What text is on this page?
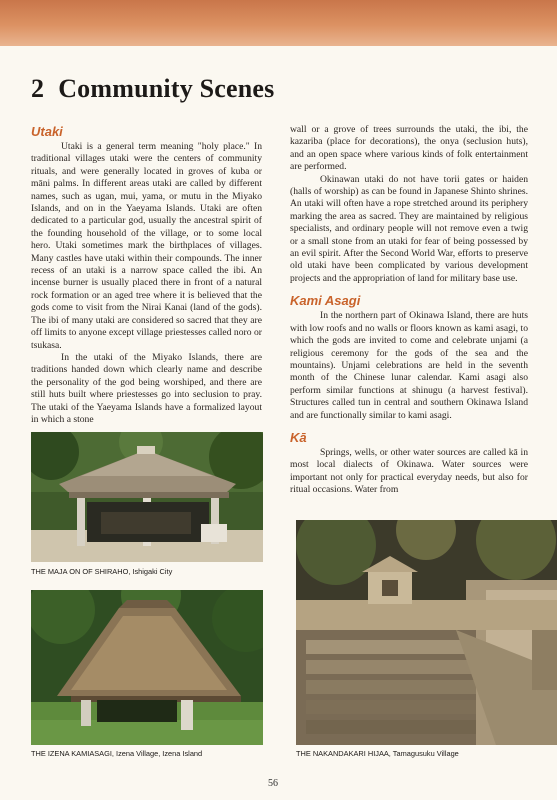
2 Community Scenes
Utaki

Utaki is a general term meaning "holy place." In traditional villages utaki were the centers of community rituals, and were generally located in groves of kuba or māni palms. In different areas utaki are called by different names, such as ugan, mui, yama, or mutu in the Miyako Islands, and on in the Yaeyama Islands. Utaki are often dedicated to a particular god, usually the ancestral spirit of the founding household of the village, or to some local hero. Utaki sometimes mark the birthplaces of villages. Many castles have utaki within their compounds. The inner recess of an utaki is a narrow space called the ibi. An incense burner is usually placed there in front of a natural rock formation or an aged tree where it is believed that the gods come to visit from the Nirai Kanai (land of the gods). The ibi of many utaki are considered so sacred that they are off limits to anyone except village priestesses called noro or tsukasa.

In the utaki of the Miyako Islands, there are traditions handed down which clearly name and describe the personality of the god being worshiped, and there are still huts built where priestesses go into seclusion to pray. The utaki of the Yaeyama Islands have a formalized layout in which a stone

wall or a grove of trees surrounds the utaki, the ibi, the kazariba (place for decorations), the onya (seclusion huts), and an open space where various kinds of folk entertainment are performed.

Okinawan utaki do not have torii gates or haiden (halls of worship) as can be found in Japanese Shinto shrines. An utaki will often have a rope stretched around its periphery marking the area as sacred. They are maintained by religious specialists, and ordinary people will not remove even a twig or a small stone from an utaki for fear of being possessed by an evil spirit. After the Second World War, efforts to preserve old utaki have been complicated by various development projects and the appropriation of land for military base use.

Kami Asagi

In the northern part of Okinawa Island, there are huts with low roofs and no walls or floors known as kami asagi, to which the gods are invited to come and celebrate unjami (a religious ceremony for the gods of the sea and the mountains). Unjami celebrations are held in the seventh month of the Chinese lunar calendar. Kami asagi also perform similar functions at shinugu (a harvest festival). Structures called tun in central and southern Okinawa Island and are functionally similar to kami asagi.

Kā

Springs, wells, or other water sources are called kā in most local dialects of Okinawa. Water sources were important not only for practical everyday needs, but also for ritual occasions. Water from

THE MAJA ON OF SHIRAHO, Ishigaki City
THE IZENA KAMIASAGI, Izena Village, Izena Island	THE NAKANDAKARI HIJAA, Tamagusuku Village
56
